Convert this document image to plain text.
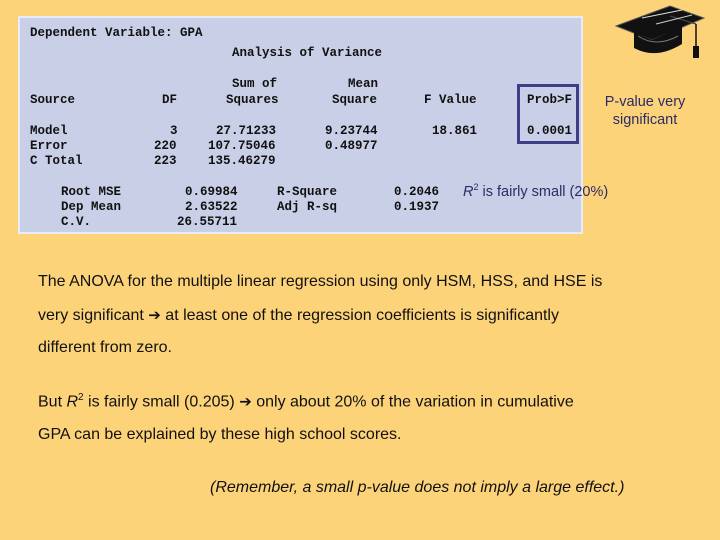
Dependent Variable: GPA
Analysis of Variance
Sum of	Mean
Source	DF	Squares	Square	F Value	Prob>F
Model	3	27.71233	9.23744	18.861	0.0001
Error	220	107.75046	0.48977
C Total	223	135.46279
Root MSE	0.69984	R-Square	0.2046
Dep Mean	2.63522	Adj R-sq	0.1937
C.V.	26.55711
P-value very
significant
$R^2$ is fairly small (20%)
The ANOVA for the multiple linear regression using only HSM, HSS, and HSE is
very significant ➔ at least one of the regression coefficients is significantly
different from zero.
But $R^2$ is fairly small (0.205) ➔ only about 20% of the variation in cumulative
GPA can be explained by these high school scores.
(Remember, a small p-value does not imply a large effect.)
